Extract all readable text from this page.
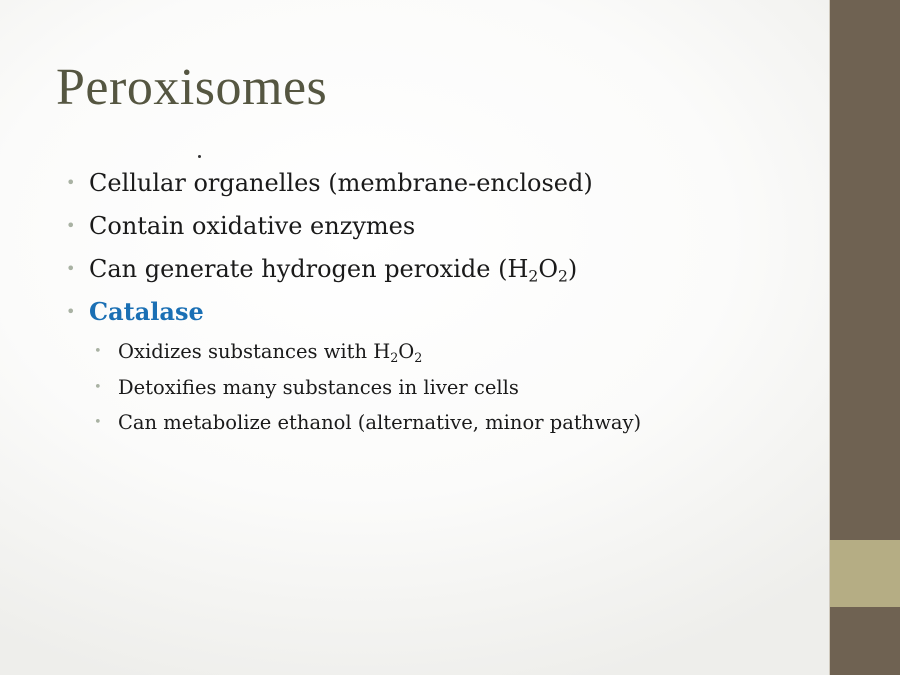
Peroxisomes
• Cellular organelles (membrane-enclosed)
• Contain oxidative enzymes
• Can generate hydrogen peroxide $(H_2O_2)$
• Catalase
• Oxidizes substances with $H_2O_2$
• Detoxifies many substances in liver cells
• Can metabolize ethanol (alternative, minor pathway)
